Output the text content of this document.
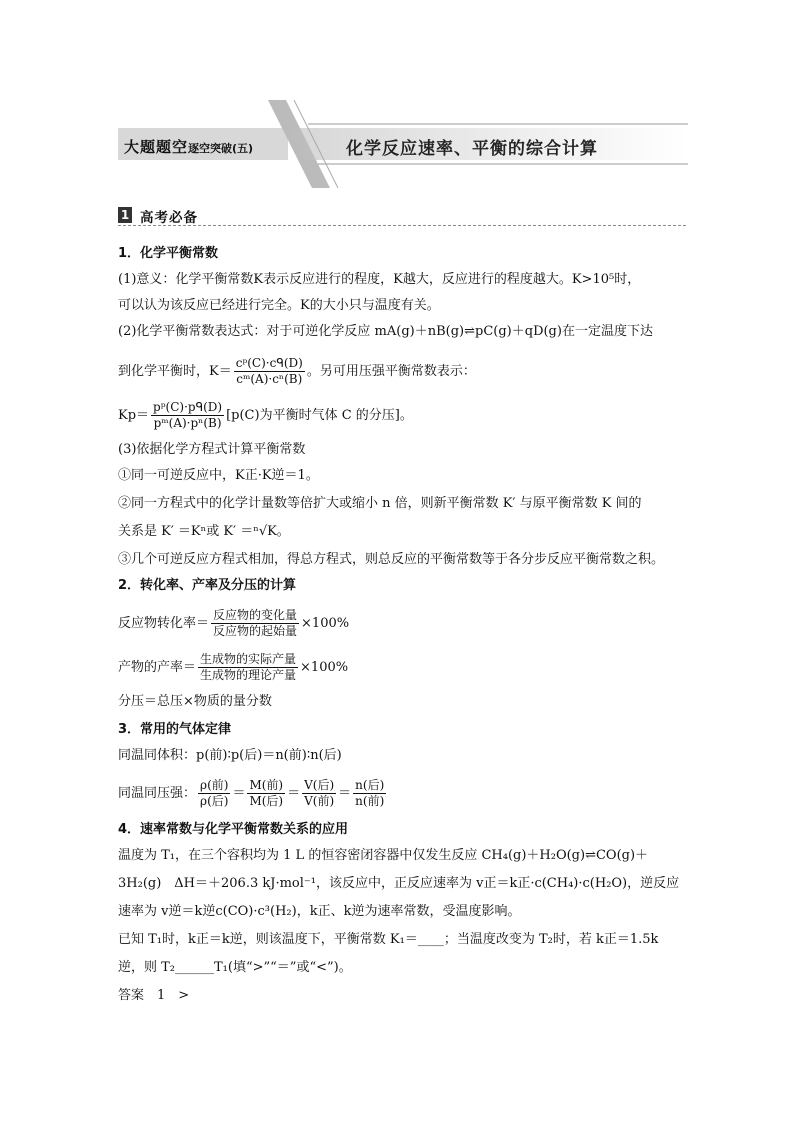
大题题空逐空突破(五)	化学反应速率、平衡的综合计算
1 高考必备
1．化学平衡常数
(1)意义：化学平衡常数K表示反应进行的程度，K越大，反应进行的程度越大。K>10⁵时，
可以认为该反应已经进行完全。K的大小只与温度有关。
(2)化学平衡常数表达式：对于可逆化学反应 mA(g)＋nB(g)⇌pC(g)＋qD(g)在一定温度下达
到化学平衡时，$K= \frac{\text{cᵖ(C)·cᑫ(D)}}{\text{cᵐ(A)·cⁿ(B)}}$ 。另可用压强平衡常数表示：
$Kp= \frac{\text{pᵖ(C)·pᑫ(D)}}{\text{pᵐ(A)·pⁿ(B)}} [p(C)$为平衡时气体 C 的分压]。
(3)依据化学方程式计算平衡常数
①同一可逆反应中，K正·K逆＝1。
②同一方程式中的化学计量数等倍扩大或缩小 n 倍，则新平衡常数 K′ 与原平衡常数 K 间的
关系是 K′ ＝Kⁿ或 K′ ＝ⁿ√K。
③几个可逆反应方程式相加，得总方程式，则总反应的平衡常数等于各分步反应平衡常数之积。
2．转化率、产率及分压的计算
反应物转化率＝ $\frac{\text{反应物的变化量}}{\text{反应物的起始量}} \times 100\%$
产物的产率＝ $\frac{\text{生成物的实际产量}}{\text{生成物的理论产量}} \times 100\%$
分压＝总压×物质的量分数
3．常用的气体定律
同温同体积：p(前)∶p(后)＝n(前)∶n(后)
同温同压强： $\frac{\text{ρ(前)}}{\text{ρ(后)}} = \frac{\text{M(前)}}{\text{M(后)}} = \frac{\text{V(后)}}{\text{V(前)}} = \frac{\text{n(后)}}{\text{n(前)}}$
4．速率常数与化学平衡常数关系的应用
温度为 T₁，在三个容积均为 1 L 的恒容密闭容器中仅发生反应 CH₄(g)＋H₂O(g)⇌CO(g)＋
3H₂(g)　ΔH＝＋206.3 kJ·mol⁻¹，该反应中，正反应速率为 v正＝k正·c(CH₄)·c(H₂O)，逆反应
速率为 v逆＝k逆c(CO)·c³(H₂)，k正、k逆为速率常数，受温度影响。
已知 T₁时，k正＝k逆，则该温度下，平衡常数 K₁＝____；当温度改变为 T₂时，若 k正＝1.5k
逆，则 T₂______T₁(填“>”“＝”或“<”)。
答案　1　>
